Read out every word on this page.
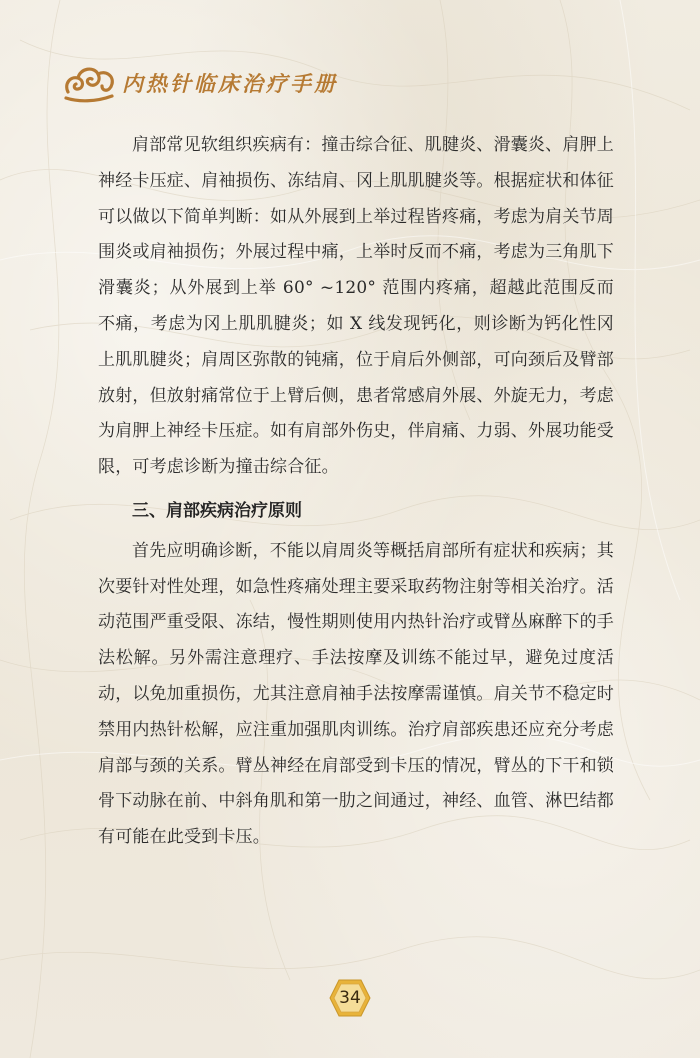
内热针临床治疗手册

肩部常见软组织疾病有：撞击综合征、肌腱炎、滑囊炎、肩胛上神经卡压症、肩袖损伤、冻结肩、冈上肌肌腱炎等。根据症状和体征可以做以下简单判断：如从外展到上举过程皆疼痛，考虑为肩关节周围炎或肩袖损伤；外展过程中痛，上举时反而不痛，考虑为三角肌下滑囊炎；从外展到上举 60° ~120° 范围内疼痛，超越此范围反而不痛，考虑为冈上肌肌腱炎；如 X 线发现钙化，则诊断为钙化性冈上肌肌腱炎；肩周区弥散的钝痛，位于肩后外侧部，可向颈后及臂部放射，但放射痛常位于上臂后侧，患者常感肩外展、外旋无力，考虑为肩胛上神经卡压症。如有肩部外伤史，伴肩痛、力弱、外展功能受限，可考虑诊断为撞击综合征。

三、肩部疾病治疗原则

首先应明确诊断，不能以肩周炎等概括肩部所有症状和疾病；其次要针对性处理，如急性疼痛处理主要采取药物注射等相关治疗。活动范围严重受限、冻结，慢性期则使用内热针治疗或臂丛麻醉下的手法松解。另外需注意理疗、手法按摩及训练不能过早，避免过度活动，以免加重损伤，尤其注意肩袖手法按摩需谨慎。肩关节不稳定时禁用内热针松解，应注重加强肌肉训练。治疗肩部疾患还应充分考虑肩部与颈的关系。臂丛神经在肩部受到卡压的情况，臂丛的下干和锁骨下动脉在前、中斜角肌和第一肋之间通过，神经、血管、淋巴结都有可能在此受到卡压。

34
